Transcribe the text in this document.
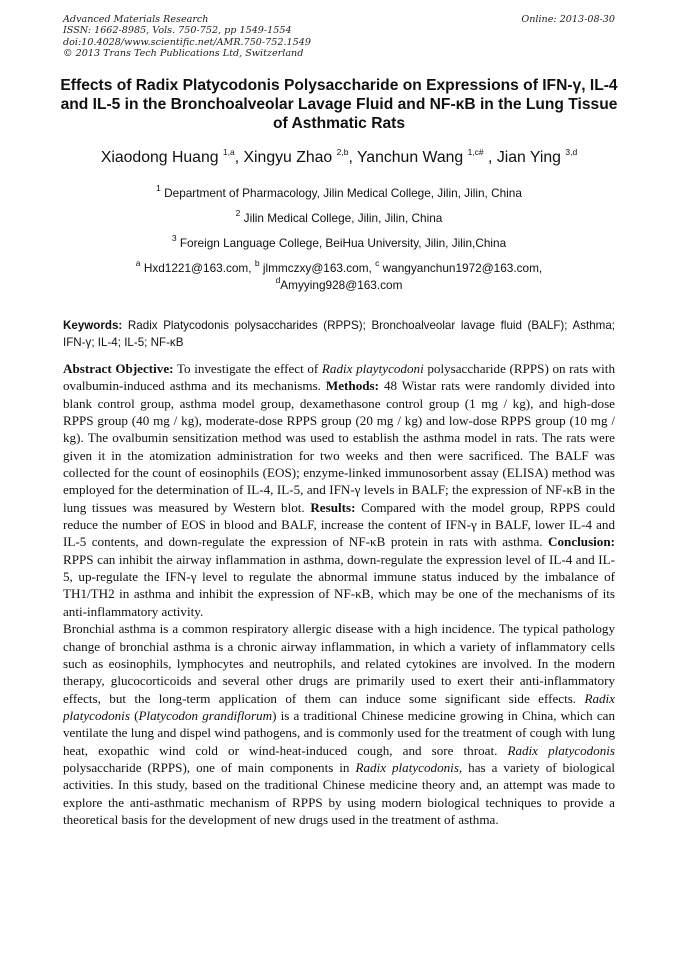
Advanced Materials Research
ISSN: 1662-8985, Vols. 750-752, pp 1549-1554
doi:10.4028/www.scientific.net/AMR.750-752.1549
© 2013 Trans Tech Publications Ltd, Switzerland
Online: 2013-08-30
Effects of Radix Platycodonis Polysaccharide on Expressions of IFN-γ, IL-4 and IL-5 in the Bronchoalveolar Lavage Fluid and NF-κB in the Lung Tissue of Asthmatic Rats
Xiaodong Huang $^{1,a}$, Xingyu Zhao $^{2,b}$, Yanchun Wang $^{1,c\#}$ , Jian Ying $^{3,d}$
$^1$ Department of Pharmacology, Jilin Medical College, Jilin, Jilin, China
$^2$ Jilin Medical College, Jilin, Jilin, China
$^3$ Foreign Language College, BeiHua University, Jilin, Jilin,China
$^a$ Hxd1221@163.com, $^b$ jlmmczxy@163.com, $^c$ wangyanchun1972@163.com,
$^d$Amyying928@163.com
Keywords: Radix Platycodonis polysaccharides (RPPS); Bronchoalveolar lavage fluid (BALF); Asthma; IFN-γ; IL-4; IL-5; NF-κB

Abstract Objective: To investigate the effect of Radix playtycodoni polysaccharide (RPPS) on rats with ovalbumin-induced asthma and its mechanisms. Methods: 48 Wistar rats were randomly divided into blank control group, asthma model group, dexamethasone control group (1 mg / kg), and high-dose RPPS group (40 mg / kg), moderate-dose RPPS group (20 mg / kg) and low-dose RPPS group (10 mg / kg). The ovalbumin sensitization method was used to establish the asthma model in rats. The rats were given it in the atomization administration for two weeks and then were sacrificed. The BALF was collected for the count of eosinophils (EOS); enzyme-linked immunosorbent assay (ELISA) method was employed for the determination of IL-4, IL-5, and IFN-γ levels in BALF; the expression of NF-κB in the lung tissues was measured by Western blot. Results: Compared with the model group, RPPS could reduce the number of EOS in blood and BALF, increase the content of IFN-γ in BALF, lower IL-4 and IL-5 contents, and down-regulate the expression of NF-κB protein in rats with asthma. Conclusion: RPPS can inhibit the airway inflammation in asthma, down-regulate the expression level of IL-4 and IL-5, up-regulate the IFN-γ level to regulate the abnormal immune status induced by the imbalance of TH1/TH2 in asthma and inhibit the expression of NF-κB, which may be one of the mechanisms of its anti-inflammatory activity.

Bronchial asthma is a common respiratory allergic disease with a high incidence. The typical pathology change of bronchial asthma is a chronic airway inflammation, in which a variety of inflammatory cells such as eosinophils, lymphocytes and neutrophils, and related cytokines are involved. In the modern therapy, glucocorticoids and several other drugs are primarily used to exert their anti-inflammatory effects, but the long-term application of them can induce some significant side effects. Radix platycodonis (Platycodon grandiflorum) is a traditional Chinese medicine growing in China, which can ventilate the lung and dispel wind pathogens, and is commonly used for the treatment of cough with lung heat, exopathic wind cold or wind-heat-induced cough, and sore throat. Radix platycodonis polysaccharide (RPPS), one of main components in Radix platycodonis, has a variety of biological activities. In this study, based on the traditional Chinese medicine theory and, an attempt was made to explore the anti-asthmatic mechanism of RPPS by using modern biological techniques to provide a theoretical basis for the development of new drugs used in the treatment of asthma.
